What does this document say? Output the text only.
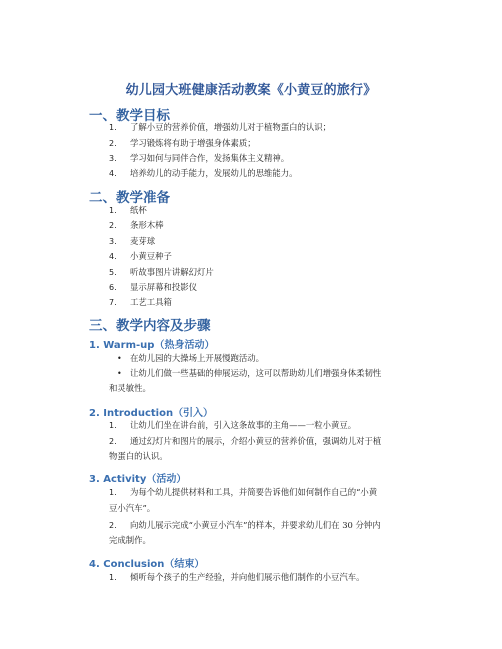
幼儿园大班健康活动教案《小黄豆的旅行》
一、教学目标
1.	了解小豆的营养价值，增强幼儿对于植物蛋白的认识；
2.	学习锻炼将有助于增强身体素质；
3.	学习如何与同伴合作，发扬集体主义精神。
4.	培养幼儿的动手能力，发展幼儿的思维能力。
二、教学准备
1.	纸杯
2.	条形木棒
3.	麦芽球
4.	小黄豆种子
5.	听故事图片讲解幻灯片
6.	显示屏幕和投影仪
7.	工艺工具箱
三、教学内容及步骤
1. Warm-up（热身活动）
• 在幼儿园的大操场上开展慢跑活动。
• 让幼儿们做一些基础的伸展运动，这可以帮助幼儿们增强身体柔韧性
和灵敏性。
2. Introduction（引入）
1.	让幼儿们坐在讲台前，引入这条故事的主角——一粒小黄豆。
2.	通过幻灯片和图片的展示，介绍小黄豆的营养价值，强调幼儿对于植
物蛋白的认识。
3. Activity（活动）
1.	为每个幼儿提供材料和工具，并简要告诉他们如何制作自己的“小黄
豆小汽车”。
2.	向幼儿展示完成“小黄豆小汽车”的样本，并要求幼儿们在 30 分钟内
完成制作。
4. Conclusion（结束）
1.	倾听每个孩子的生产经验，并向他们展示他们制作的小豆汽车。
